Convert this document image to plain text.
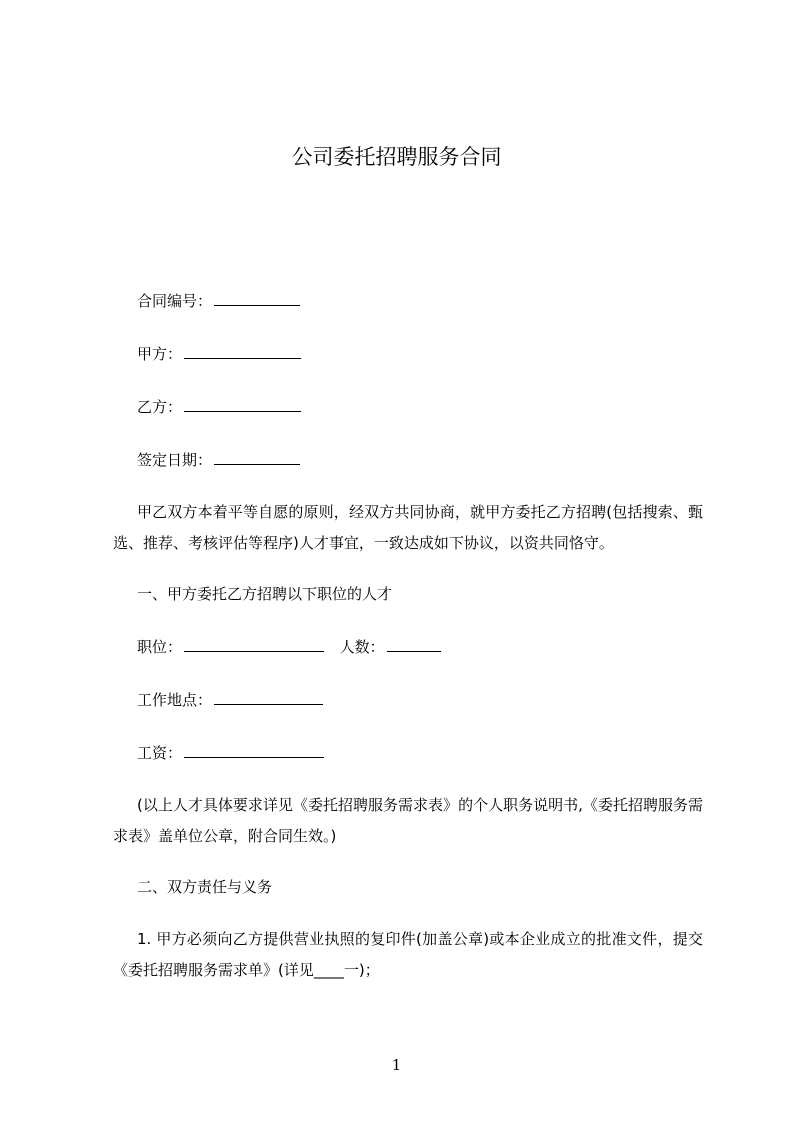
公司委托招聘服务合同
合同编号：
甲方：
乙方：
签定日期：
甲乙双方本着平等自愿的原则，经双方共同协商，就甲方委托乙方招聘(包括搜索、甄选、推荐、考核评估等程序)人才事宜，一致达成如下协议，以资共同恪守。
一、甲方委托乙方招聘以下职位的人才
职位：	人数：
工作地点：
工资：
(以上人才具体要求详见《委托招聘服务需求表》的个人职务说明书,《委托招聘服务需求表》盖单位公章，附合同生效。)
二、双方责任与义务
1. 甲方必须向乙方提供营业执照的复印件(加盖公章)或本企业成立的批准文件，提交《委托招聘服务需求单》(详见____一)；
1
